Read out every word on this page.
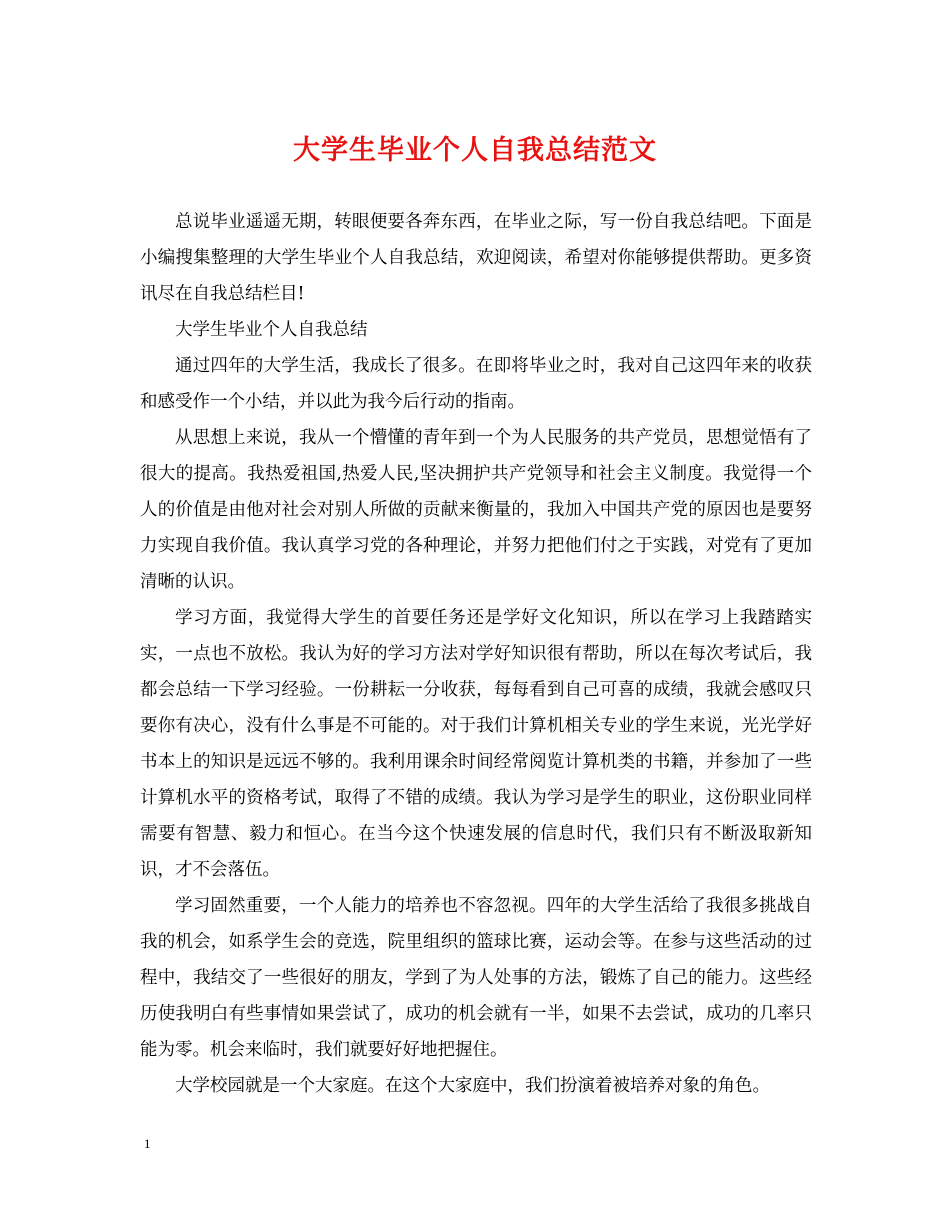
大学生毕业个人自我总结范文

总说毕业遥遥无期，转眼便要各奔东西，在毕业之际，写一份自我总结吧。下面是小编搜集整理的大学生毕业个人自我总结，欢迎阅读，希望对你能够提供帮助。更多资讯尽在自我总结栏目!

大学生毕业个人自我总结

通过四年的大学生活，我成长了很多。在即将毕业之时，我对自己这四年来的收获和感受作一个小结，并以此为我今后行动的指南。

从思想上来说，我从一个懵懂的青年到一个为人民服务的共产党员，思想觉悟有了很大的提高。我热爱祖国,热爱人民,坚决拥护共产党领导和社会主义制度。我觉得一个人的价值是由他对社会对别人所做的贡献来衡量的，我加入中国共产党的原因也是要努力实现自我价值。我认真学习党的各种理论，并努力把他们付之于实践，对党有了更加清晰的认识。

学习方面，我觉得大学生的首要任务还是学好文化知识，所以在学习上我踏踏实实，一点也不放松。我认为好的学习方法对学好知识很有帮助，所以在每次考试后，我都会总结一下学习经验。一份耕耘一分收获，每每看到自己可喜的成绩，我就会感叹只要你有决心，没有什么事是不可能的。对于我们计算机相关专业的学生来说，光光学好书本上的知识是远远不够的。我利用课余时间经常阅览计算机类的书籍，并参加了一些计算机水平的资格考试，取得了不错的成绩。我认为学习是学生的职业，这份职业同样需要有智慧、毅力和恒心。在当今这个快速发展的信息时代，我们只有不断汲取新知识，才不会落伍。

学习固然重要，一个人能力的培养也不容忽视。四年的大学生活给了我很多挑战自我的机会，如系学生会的竞选，院里组织的篮球比赛，运动会等。在参与这些活动的过程中，我结交了一些很好的朋友，学到了为人处事的方法，锻炼了自己的能力。这些经历使我明白有些事情如果尝试了，成功的机会就有一半，如果不去尝试，成功的几率只能为零。机会来临时，我们就要好好地把握住。

大学校园就是一个大家庭。在这个大家庭中，我们扮演着被培养对象的角色。

1
